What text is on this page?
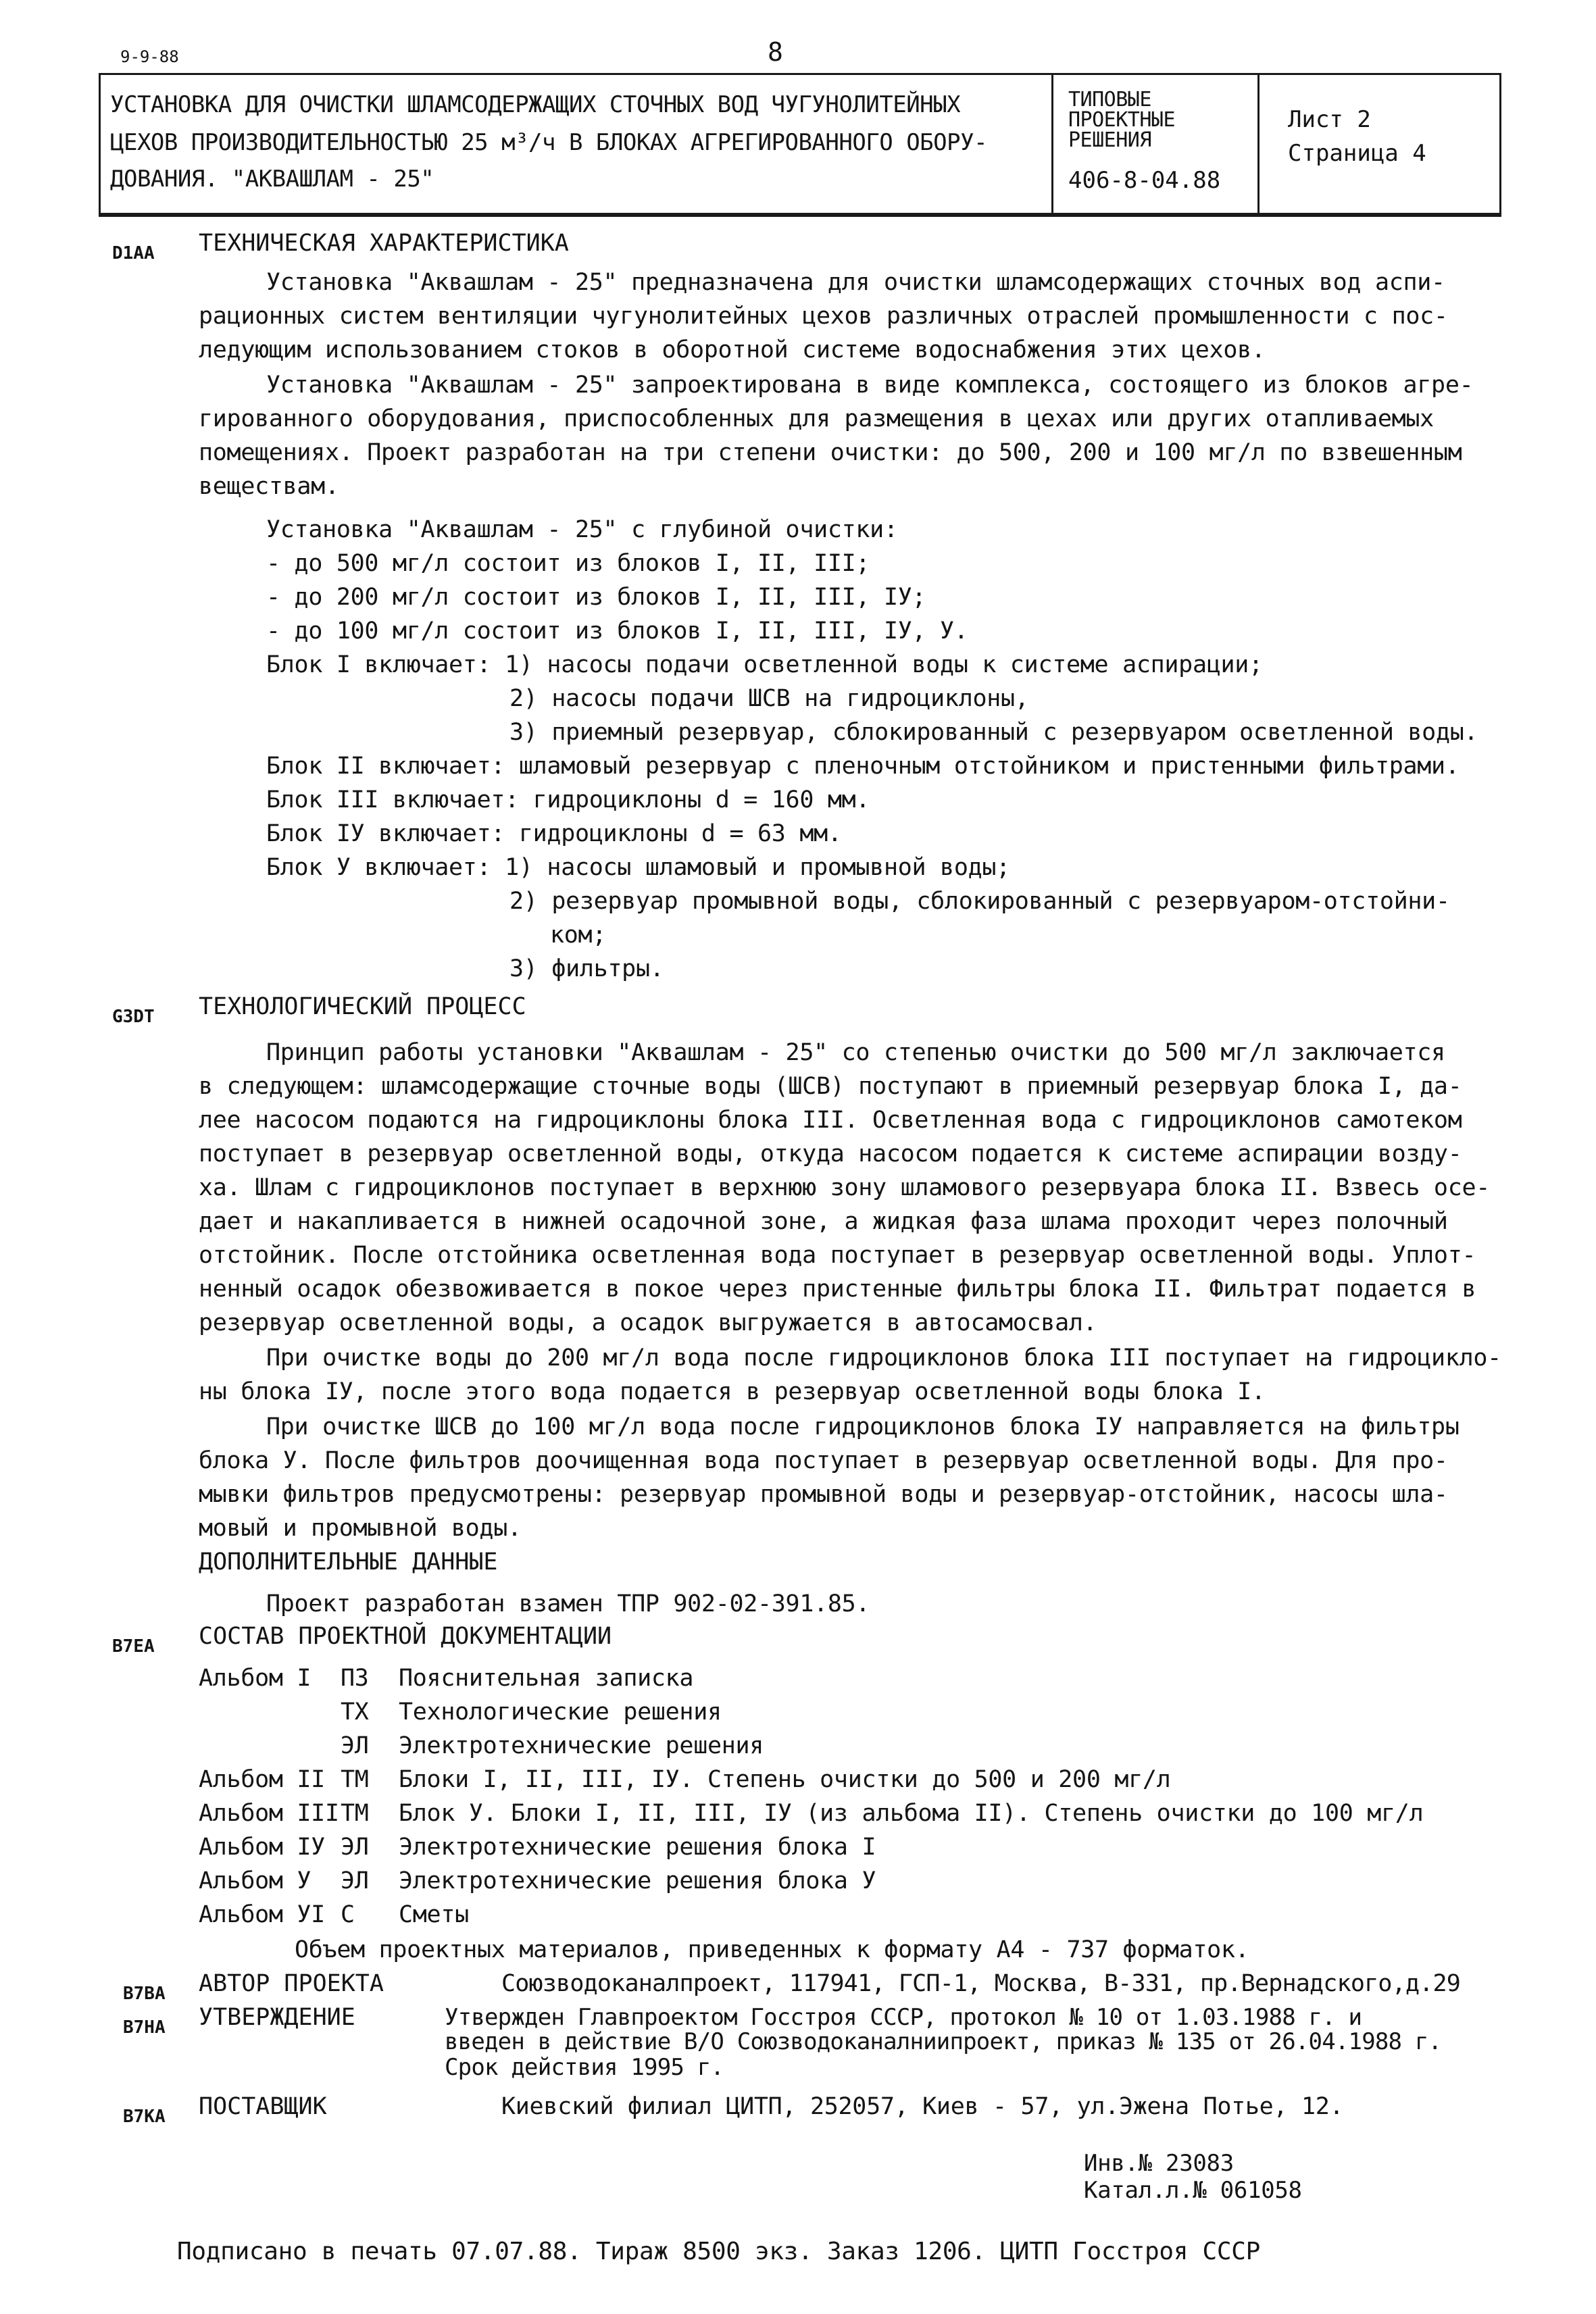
9-9-88	8
УСТАНОВКА ДЛЯ ОЧИСТКИ ШЛАМСОДЕРЖАЩИХ СТОЧНЫХ ВОД ЧУГУНОЛИТЕЙНЫХ
ЦЕХОВ ПРОИЗВОДИТЕЛЬНОСТЬЮ 25 м³/ч В БЛОКАХ АГРЕГИРОВАННОГО ОБОРУ-
ДОВАНИЯ. "АКВАШЛАМ - 25"
ТИПОВЫЕ
ПРОЕКТНЫЕ
РЕШЕНИЯ
406-8-04.88
Лист 2
Страница 4
D1AA ТЕХНИЧЕСКАЯ ХАРАКТЕРИСТИКА
Установка "Аквашлам - 25" предназначена для очистки шламсодержащих сточных вод аспи-
рационных систем вентиляции чугунолитейных цехов различных отраслей промышленности с пос-
ледующим использованием стоков в оборотной системе водоснабжения этих цехов.
Установка "Аквашлам - 25" запроектирована в виде комплекса, состоящего из блоков агре-
гированного оборудования, приспособленных для размещения в цехах или других отапливаемых
помещениях. Проект разработан на три степени очистки: до 500, 200 и 100 мг/л по взвешенным
веществам.
Установка "Аквашлам - 25" с глубиной очистки:
- до 500 мг/л состоит из блоков I, II, III;
- до 200 мг/л состоит из блоков I, II, III, IУ;
- до 100 мг/л состоит из блоков I, II, III, IУ, У.
Блок I включает: 1) насосы подачи осветленной воды к системе аспирации;
2) насосы подачи ШСВ на гидроциклоны,
3) приемный резервуар, сблокированный с резервуаром осветленной воды.
Блок II включает: шламовый резервуар с пленочным отстойником и пристенными фильтрами.
Блок III включает: гидроциклоны d = 160 мм.
Блок IУ включает: гидроциклоны d = 63 мм.
Блок У включает: 1) насосы шламовый и промывной воды;
2) резервуар промывной воды, сблокированный с резервуаром-отстойни-
ком;
3) фильтры.
G3DT ТЕХНОЛОГИЧЕСКИЙ ПРОЦЕСС
Принцип работы установки "Аквашлам - 25" со степенью очистки до 500 мг/л заключается
в следующем: шламсодержащие сточные воды (ШСВ) поступают в приемный резервуар блока I, да-
лее насосом подаются на гидроциклоны блока III. Осветленная вода с гидроциклонов самотеком
поступает в резервуар осветленной воды, откуда насосом подается к системе аспирации возду-
ха. Шлам с гидроциклонов поступает в верхнюю зону шламового резервуара блока II. Взвесь осе-
дает и накапливается в нижней осадочной зоне, а жидкая фаза шлама проходит через полочный
отстойник. После отстойника осветленная вода поступает в резервуар осветленной воды. Уплот-
ненный осадок обезвоживается в покое через пристенные фильтры блока II. Фильтрат подается в
резервуар осветленной воды, а осадок выгружается в автосамосвал.
При очистке воды до 200 мг/л вода после гидроциклонов блока III поступает на гидроцикло-
ны блока IУ, после этого вода подается в резервуар осветленной воды блока I.
При очистке ШСВ до 100 мг/л вода после гидроциклонов блока IУ направляется на фильтры
блока У. После фильтров доочищенная вода поступает в резервуар осветленной воды. Для про-
мывки фильтров предусмотрены: резервуар промывной воды и резервуар-отстойник, насосы шла-
мовый и промывной воды.
ДОПОЛНИТЕЛЬНЫЕ ДАННЫЕ
Проект разработан взамен ТПР 902-02-391.85.
B7EA СОСТАВ ПРОЕКТНОЙ ДОКУМЕНТАЦИИ
Альбом I ПЗ Пояснительная записка
ТХ Технологические решения
ЭЛ Электротехнические решения
Альбом II ТМ Блоки I, II, III, IУ. Степень очистки до 500 и 200 мг/л
Альбом III ТМ Блок У. Блоки I, II, III, IУ (из альбома II). Степень очистки до 100 мг/л
Альбом IУ ЭЛ Электротехнические решения блока I
Альбом У ЭЛ Электротехнические решения блока У
Альбом УI С Сметы
Объем проектных материалов, приведенных к формату А4 - 737 форматок.
B7BA АВТОР ПРОЕКТА	Союзводоканалпроект, 117941, ГСП-1, Москва, В-331, пр.Вернадского,д.29
B7HA УТВЕРЖДЕНИЕ	Утвержден Главпроектом Госстроя СССР, протокол № 10 от 1.03.1988 г. и
введен в действие В/О Союзводоканалниипроект, приказ № 135 от 26.04.1988 г.
Срок действия 1995 г.
B7KA ПОСТАВЩИК	Киевский филиал ЦИТП, 252057, Киев - 57, ул.Эжена Потье, 12.
Инв.№ 23083
Катал.л.№ 061058
Подписано в печать 07.07.88. Тираж 8500 экз. Заказ 1206. ЦИТП Госстроя СССР
